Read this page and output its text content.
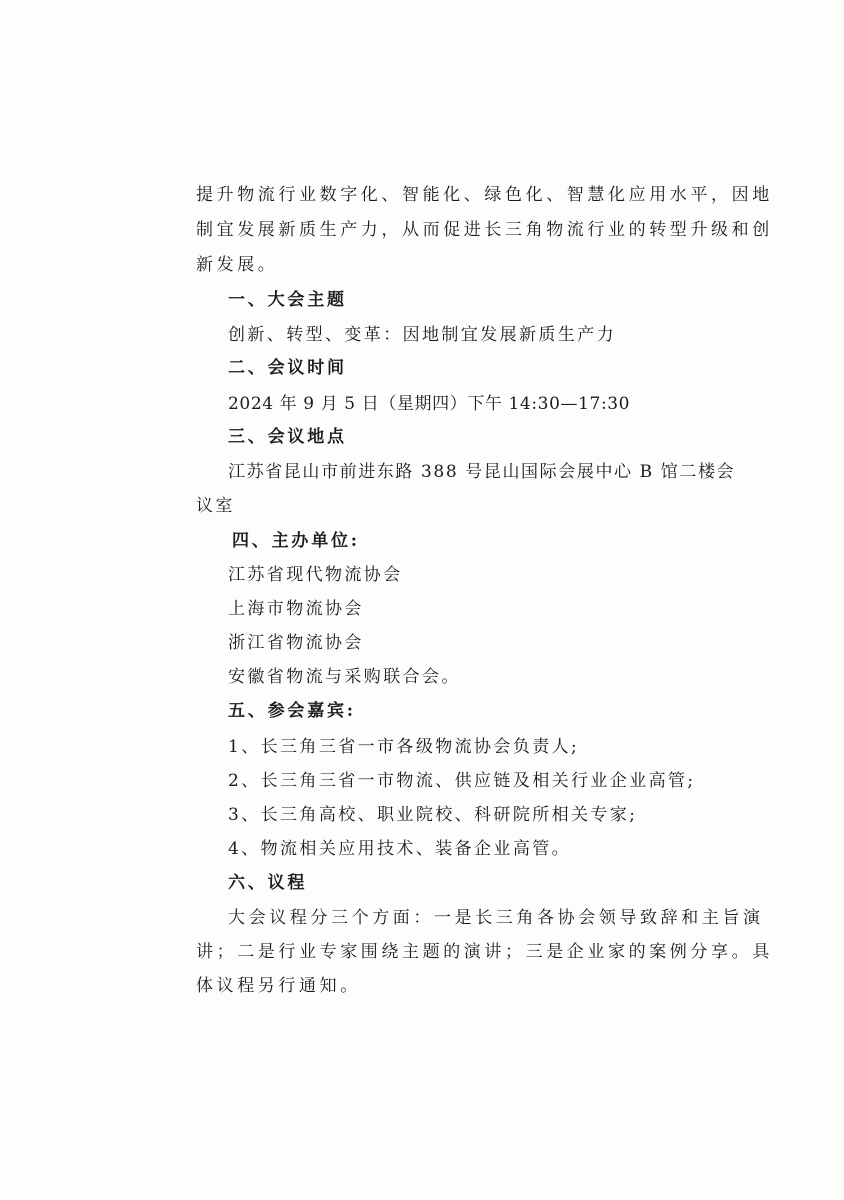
提升物流行业数字化、智能化、绿色化、智慧化应用水平，因地
制宜发展新质生产力，从而促进长三角物流行业的转型升级和创
新发展。
一、大会主题
创新、转型、变革：因地制宜发展新质生产力
二、会议时间
2024 年 9 月 5 日（星期四）下午 14:30—17:30
三、会议地点
江苏省昆山市前进东路 388 号昆山国际会展中心 B 馆二楼会
议室
四、主办单位:
江苏省现代物流协会
上海市物流协会
浙江省物流协会
安徽省物流与采购联合会。
五、参会嘉宾:
1、长三角三省一市各级物流协会负责人;
2、长三角三省一市物流、供应链及相关行业企业高管;
3、长三角高校、职业院校、科研院所相关专家;
4、物流相关应用技术、装备企业高管。
六、议程
大会议程分三个方面：一是长三角各协会领导致辞和主旨演
讲；二是行业专家围绕主题的演讲；三是企业家的案例分享。具
体议程另行通知。
